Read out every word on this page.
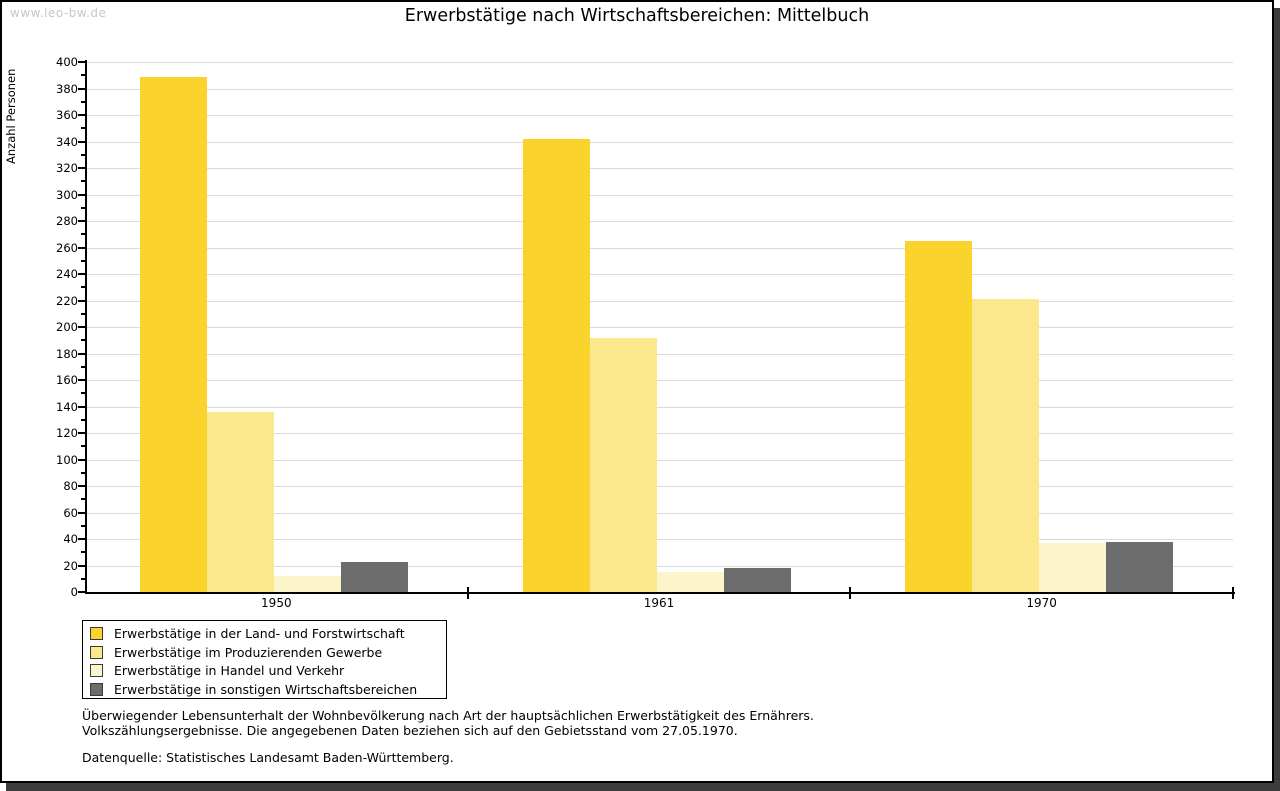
www.leo-bw.de	Erwerbstätige nach Wirtschaftsbereichen: Mittelbuch
Anzahl Personen
0
20
40
60
80
100
120
140
160
180
200
220
240
260
280
300
320
340
360
380
400
1950	1961	1970
Erwerbstätige in der Land- und Forstwirtschaft
Erwerbstätige im Produzierenden Gewerbe
Erwerbstätige in Handel und Verkehr
Erwerbstätige in sonstigen Wirtschaftsbereichen
Überwiegender Lebensunterhalt der Wohnbevölkerung nach Art der hauptsächlichen Erwerbstätigkeit des Ernährers.
Volkszählungsergebnisse. Die angegebenen Daten beziehen sich auf den Gebietsstand vom 27.05.1970.
Datenquelle: Statistisches Landesamt Baden-Württemberg.
